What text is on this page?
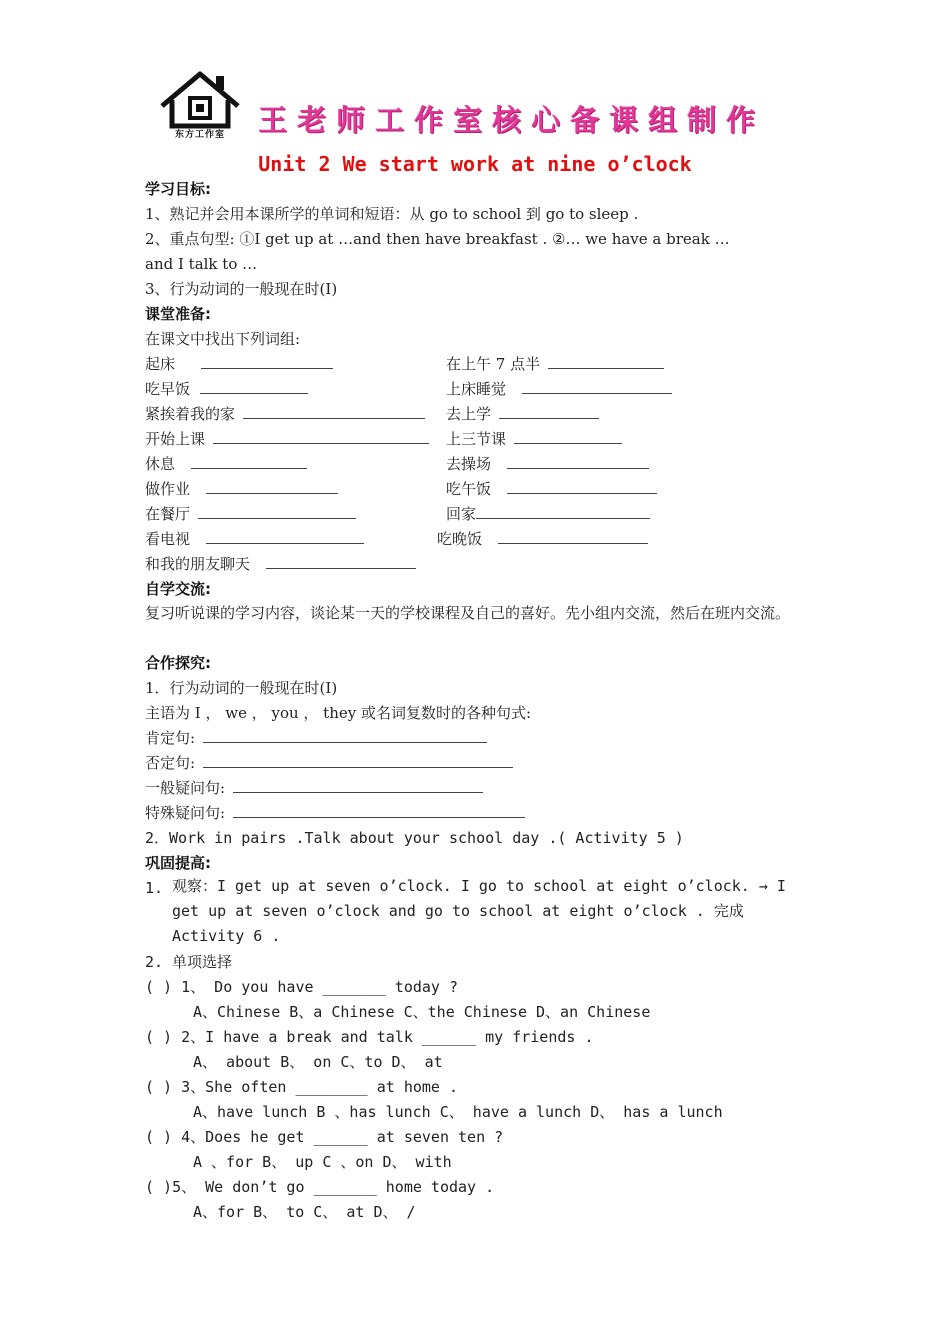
东方工作室	王老师工作室核心备课组制作
Unit 2 We start work at nine o’clock
学习目标:
1、熟记并会用本课所学的单词和短语：从 go to school 到 go to sleep .
2、重点句型: ①I get up at …and then have breakfast . ②… we have a break …
and I talk to …
3、行为动词的一般现在时(I)
课堂准备:
在课文中找出下列词组:
起床
吃早饭
紧挨着我的家
开始上课
休息
做作业
在餐厅
看电视
和我的朋友聊天
在上午 7 点半
上床睡觉
去上学
上三节课
去操场
吃午饭
回家
吃晚饭
自学交流:
复习听说课的学习内容，谈论某一天的学校课程及自己的喜好。先小组内交流，然后在班内交流。
合作探究:
1．行为动词的一般现在时(I)
主语为 I ， we ， you ， they 或名词复数时的各种句式:
肯定句:
否定句:
一般疑问句:
特殊疑问句:
2．Work in pairs .Talk about your school day .( Activity 5 )
巩固提高:
1. 观察：I get up at seven o’clock. I go to school at eight o’clock. → I get up at seven o’clock and go to school at eight o’clock . 完成 Activity 6 .
2. 单项选择
( ) 1、 Do you have _______ today ?
A、Chinese B、a Chinese C、the Chinese D、an Chinese
( ) 2、I have a break and talk ______ my friends .
A、 about B、 on C、to D、 at
( ) 3、She often ________ at home .
A、have lunch B 、has lunch C、 have a lunch D、 has a lunch
( ) 4、Does he get ______ at seven ten ?
A 、for B、 up C 、on D、 with
( )5、 We don’t go _______ home today .
A、for B、 to C、 at D、 /
